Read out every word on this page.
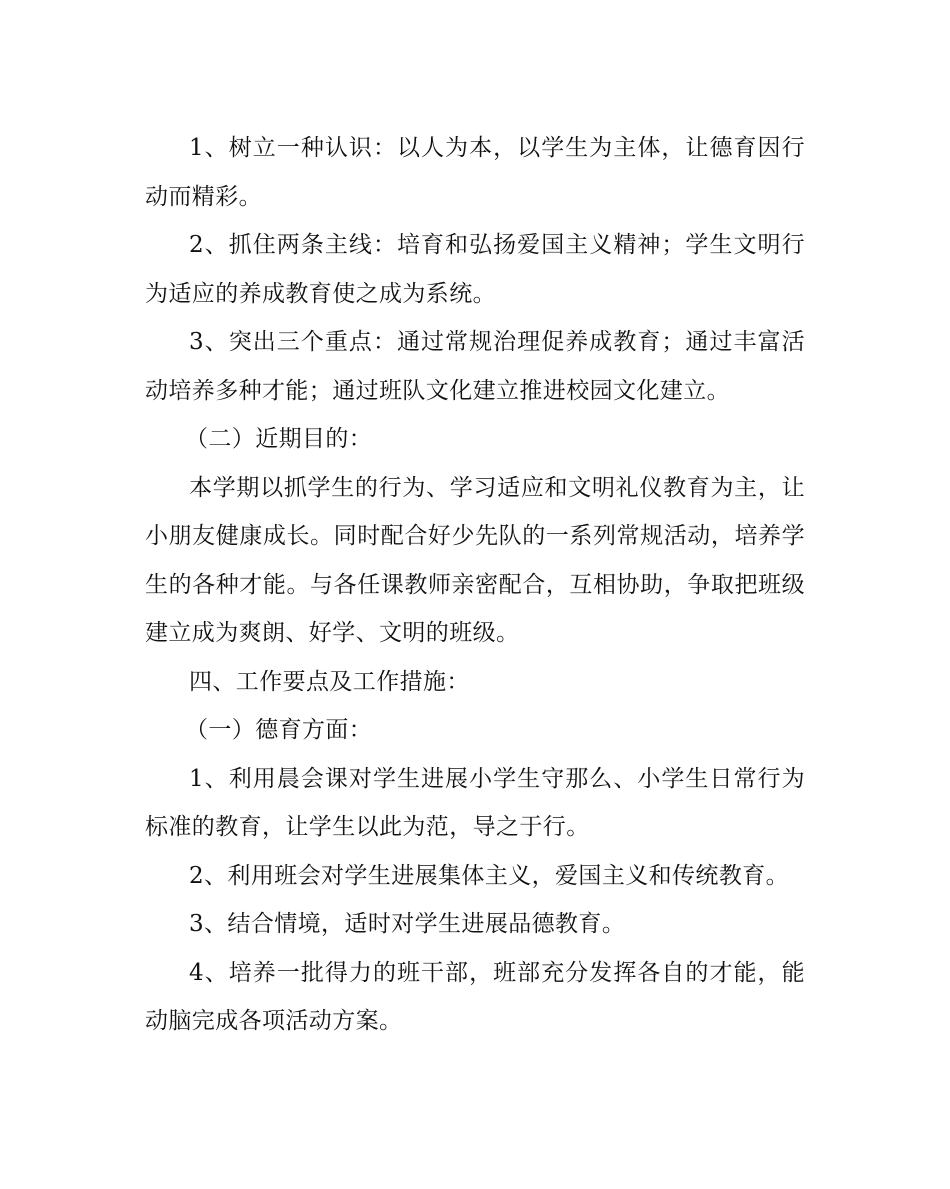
1、树立一种认识：以人为本，以学生为主体，让德育因行动而精彩。

2、抓住两条主线：培育和弘扬爱国主义精神；学生文明行为适应的养成教育使之成为系统。

3、突出三个重点：通过常规治理促养成教育；通过丰富活动培养多种才能；通过班队文化建立推进校园文化建立。

（二）近期目的：

本学期以抓学生的行为、学习适应和文明礼仪教育为主，让小朋友健康成长。同时配合好少先队的一系列常规活动，培养学生的各种才能。与各任课教师亲密配合，互相协助，争取把班级建立成为爽朗、好学、文明的班级。

四、工作要点及工作措施：

（一）德育方面：

1、利用晨会课对学生进展小学生守那么、小学生日常行为标准的教育，让学生以此为范，导之于行。

2、利用班会对学生进展集体主义，爱国主义和传统教育。

3、结合情境，适时对学生进展品德教育。

4、培养一批得力的班干部，班部充分发挥各自的才能，能动脑完成各项活动方案。
